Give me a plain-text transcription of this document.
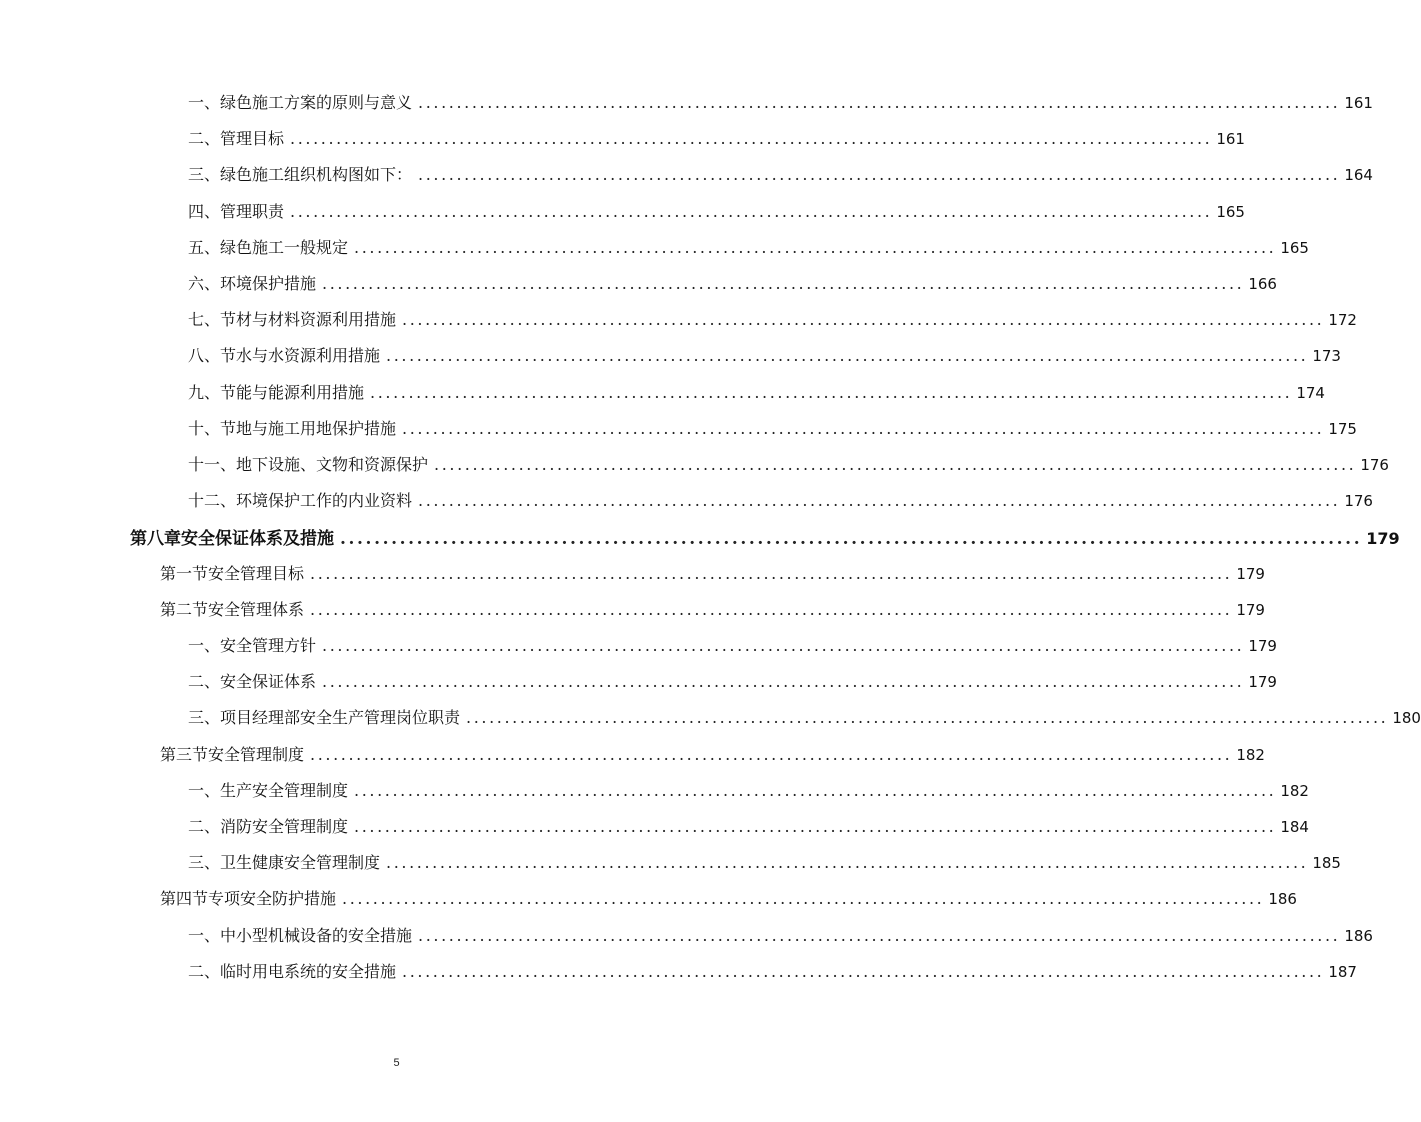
一、 绿色施工方案的原则与意义 ........................................................................................................................ 161
二、 管理目标 ........................................................................................................................ 161
三、 绿色施工组织机构图如下： ........................................................................................................................ 164
四、 管理职责 ........................................................................................................................ 165
五、 绿色施工一般规定 ........................................................................................................................ 165
六、 环境保护措施 ........................................................................................................................ 166
七、 节材与材料资源利用措施 ........................................................................................................................ 172
八、 节水与水资源利用措施 ........................................................................................................................ 173
九、 节能与能源利用措施 ........................................................................................................................ 174
十、 节地与施工用地保护措施 ........................................................................................................................ 175
十一、 地下设施、文物和资源保护 ........................................................................................................................ 176
十二、 环境保护工作的内业资料 ........................................................................................................................ 176
第八章 安全保证体系及措施 ........................................................................................................................ 179
第一节 安全管理目标 ........................................................................................................................ 179
第二节 安全管理体系 ........................................................................................................................ 179
一、 安全管理方针 ........................................................................................................................ 179
二、 安全保证体系 ........................................................................................................................ 179
三、 项目经理部安全生产管理岗位职责 ........................................................................................................................ 180
第三节 安全管理制度 ........................................................................................................................ 182
一、 生产安全管理制度 ........................................................................................................................ 182
二、 消防安全管理制度 ........................................................................................................................ 184
三、 卫生健康安全管理制度 ........................................................................................................................ 185
第四节 专项安全防护措施 ........................................................................................................................ 186
一、 中小型机械设备的安全措施 ........................................................................................................................ 186
二、 临时用电系统的安全措施 ........................................................................................................................ 187
5
